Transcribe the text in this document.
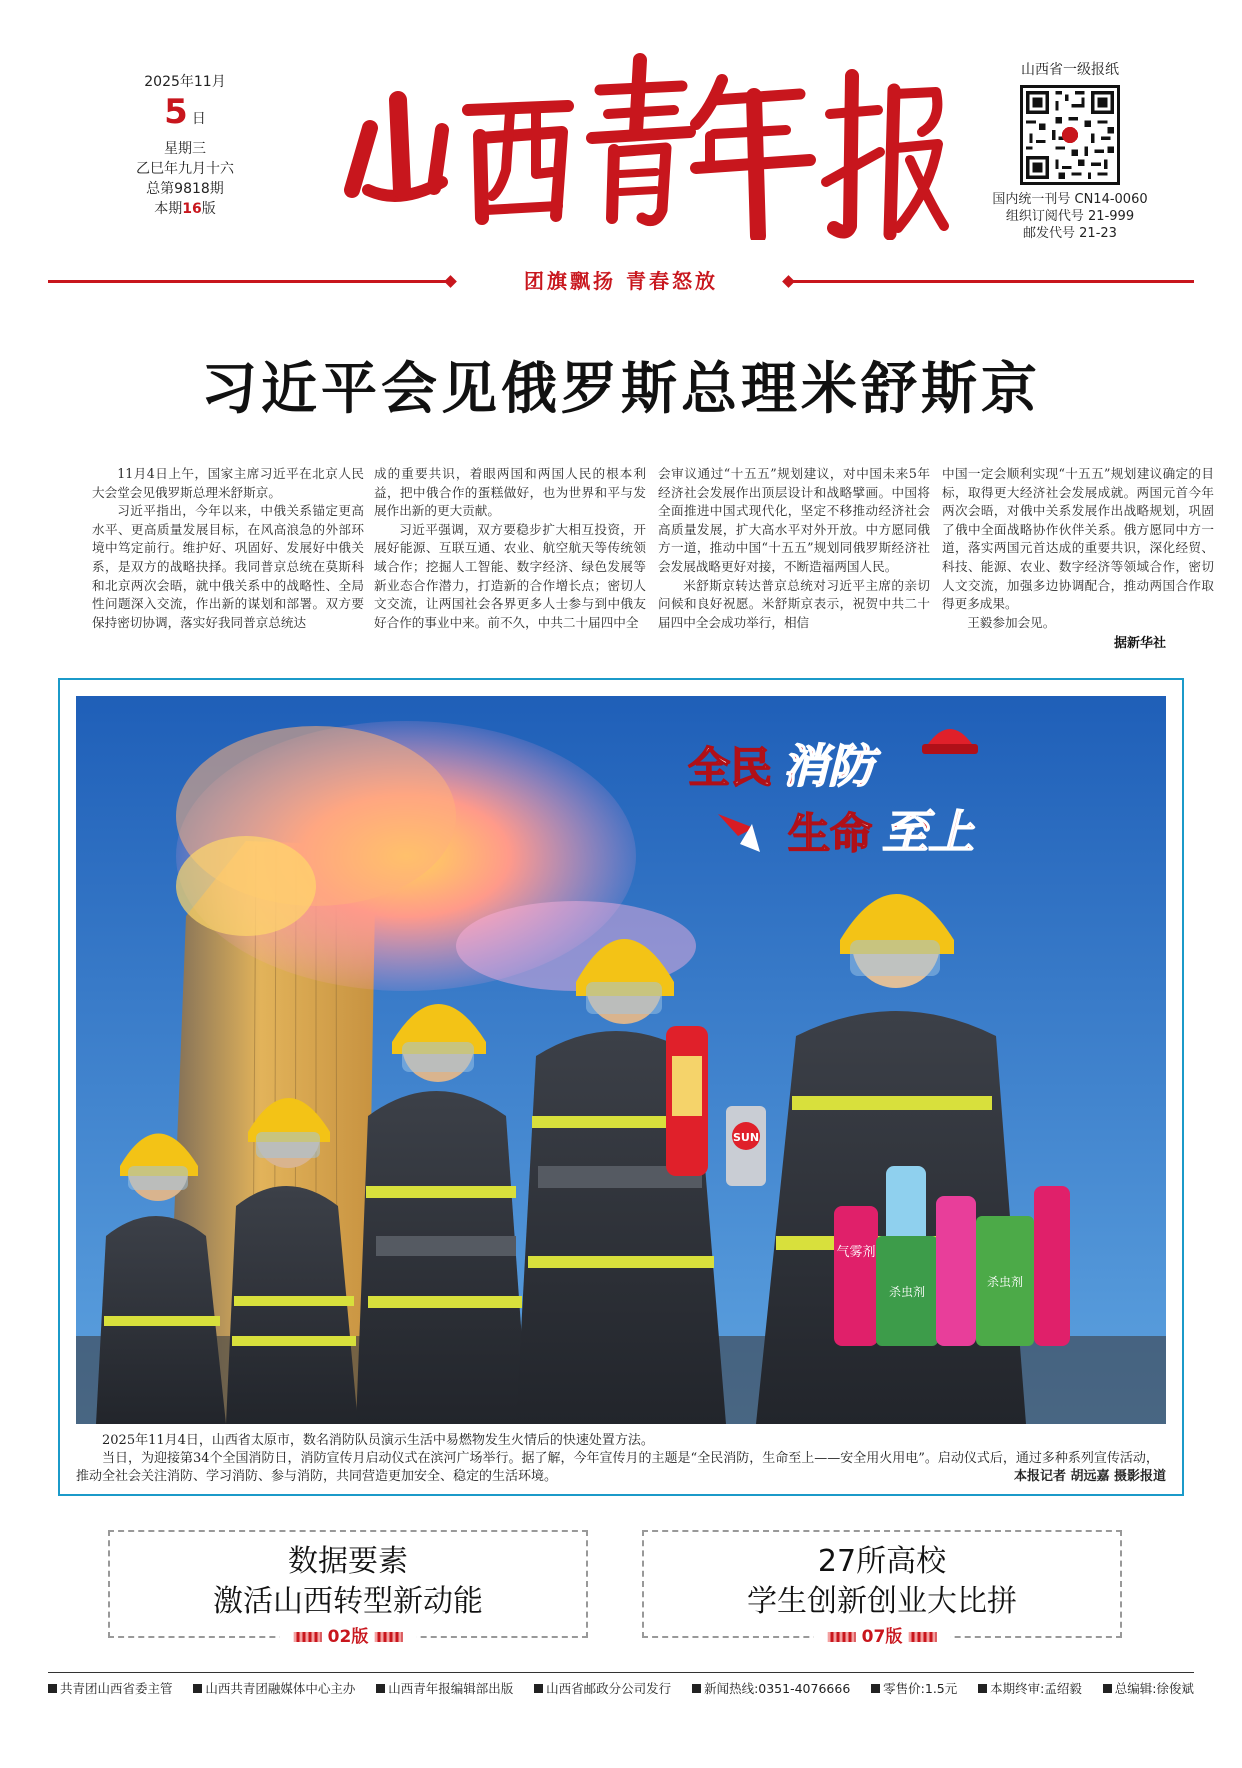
2025年11月
5 日
星期三
乙巳年九月十六
总第9818期
本期16版
山西省一级报纸
国内统一刊号 CN14-0060
组织订阅代号 21-999
邮发代号 21-23
团旗飘扬 青春怒放
习近平会见俄罗斯总理米舒斯京

11月4日上午，国家主席习近平在北京人民大会堂会见俄罗斯总理米舒斯京。

习近平指出，今年以来，中俄关系锚定更高水平、更高质量发展目标，在风高浪急的外部环境中笃定前行。维护好、巩固好、发展好中俄关系，是双方的战略抉择。我同普京总统在莫斯科和北京两次会晤，就中俄关系中的战略性、全局性问题深入交流，作出新的谋划和部署。双方要保持密切协调，落实好我同普京总统达

成的重要共识，着眼两国和两国人民的根本利益，把中俄合作的蛋糕做好，也为世界和平与发展作出新的更大贡献。

习近平强调，双方要稳步扩大相互投资，开展好能源、互联互通、农业、航空航天等传统领域合作；挖掘人工智能、数字经济、绿色发展等新业态合作潜力，打造新的合作增长点；密切人文交流，让两国社会各界更多人士参与到中俄友好合作的事业中来。前不久，中共二十届四中全

会审议通过“十五五”规划建议，对中国未来5年经济社会发展作出顶层设计和战略擘画。中国将全面推进中国式现代化，坚定不移推动经济社会高质量发展，扩大高水平对外开放。中方愿同俄方一道，推动中国“十五五”规划同俄罗斯经济社会发展战略更好对接，不断造福两国人民。

米舒斯京转达普京总统对习近平主席的亲切问候和良好祝愿。米舒斯京表示，祝贺中共二十届四中全会成功举行，相信

中国一定会顺利实现“十五五”规划建议确定的目标，取得更大经济社会发展成就。两国元首今年两次会晤，对俄中关系发展作出战略规划，巩固了俄中全面战略协作伙伴关系。俄方愿同中方一道，落实两国元首达成的重要共识，深化经贸、科技、能源、农业、数字经济等领域合作，密切人文交流，加强多边协调配合，推动两国合作取得更多成果。

王毅参加会见。

据新华社
全民 消防
生命 至上
SUN
气雾剂
杀虫剂
杀虫剂

2025年11月4日，山西省太原市，数名消防队员演示生活中易燃物发生火情后的快速处置方法。

当日，为迎接第34个全国消防日，消防宣传月启动仪式在滨河广场举行。据了解，今年宣传月的主题是“全民消防，生命至上——安全用火用电”。启动仪式后，通过多种系列宣传活动，推动全社会关注消防、学习消防、参与消防，共同营造更加安全、稳定的生活环境。	本报记者 胡远嘉 摄影报道
数据要素
激活山西转型新动能
02版
27所高校
学生创新创业大比拼
07版
共青团山西省委主管	山西共青团融媒体中心主办	山西青年报编辑部出版	山西省邮政分公司发行	新闻热线:0351-4076666	零售价:1.5元	本期终审:孟绍毅	总编辑:徐俊斌
